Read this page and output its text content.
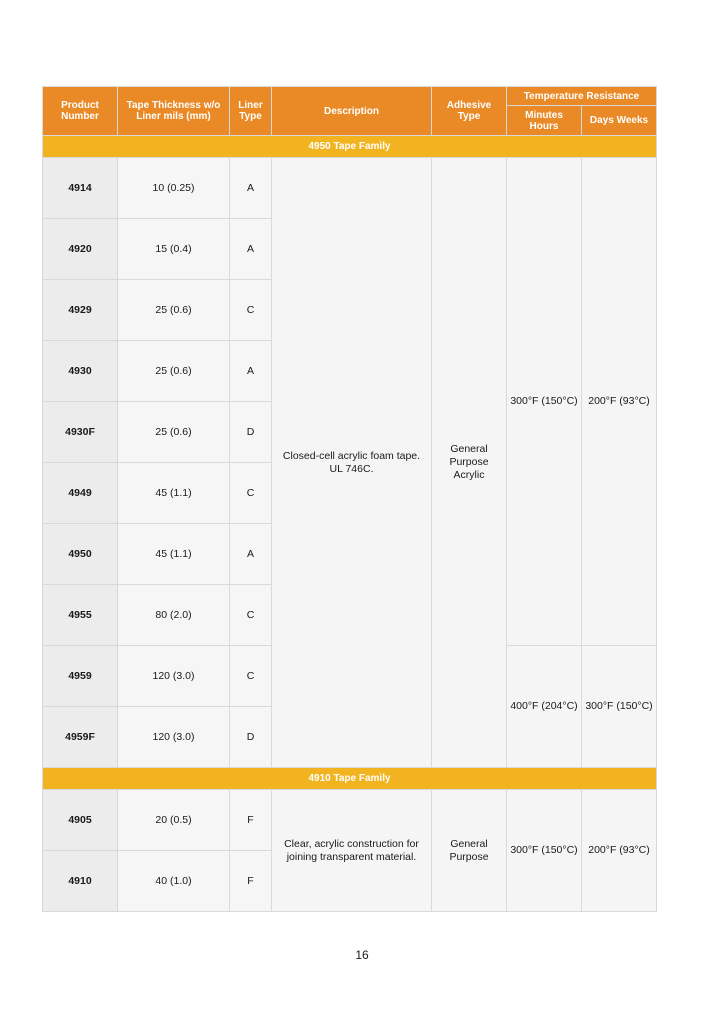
Product Number	Tape Thickness w/o Liner mils (mm)	Liner Type	Description	Adhesive Type	Temperature Resistance	
					Minutes Hours	Days Weeks
4950 Tape Family						
4914	10 (0.25)	A	Closed-cell acrylic foam tape. UL 746C.	General Purpose Acrylic	300°F (150°C)	200°F (93°C)
4920	15 (0.4)	A				
4929	25 (0.6)	C				
4930	25 (0.6)	A				
4930F	25 (0.6)	D				
4949	45 (1.1)	C				
4950	45 (1.1)	A				
4955	80 (2.0)	C				
4959	120 (3.0)	C			400°F (204°C)	300°F (150°C)
4959F	120 (3.0)	D				
4910 Tape Family						
4905	20 (0.5)	F	Clear, acrylic construction for joining transparent material.	General Purpose	300°F (150°C)	200°F (93°C)
4910	40 (1.0)	F				
16
